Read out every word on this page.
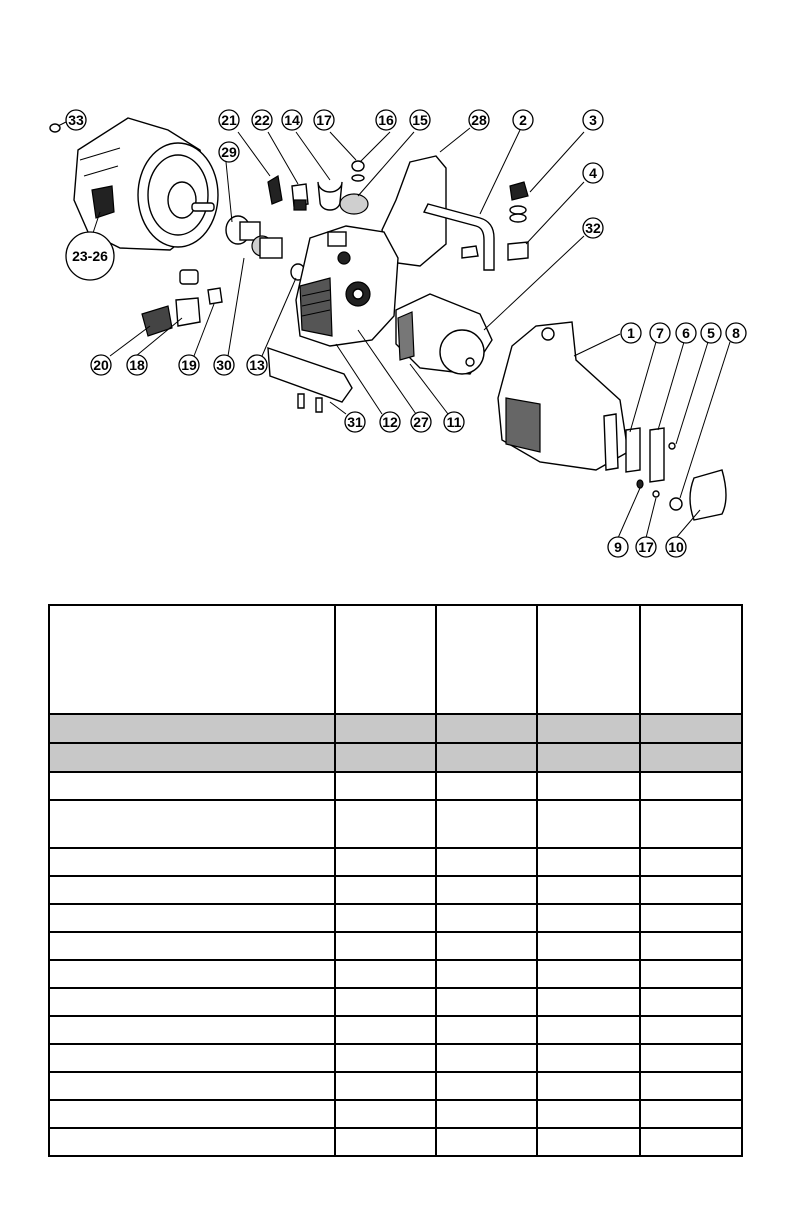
33	21 22 14 17	16 15	28 2	3
29
4
32
23-26
1 7 6 5 8
20 18	19 30 13
31 12 27 11
9 17 10
